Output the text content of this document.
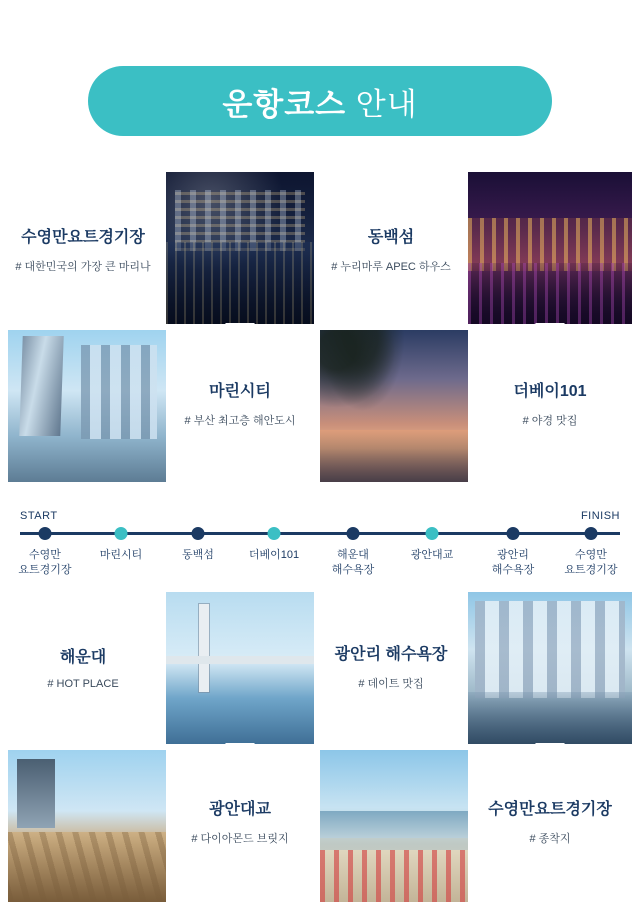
운항코스 안내
수영만요트경기장
# 대한민국의 가장 큰 마리나
동백섬
# 누리마루 APEC 하우스
마린시티
# 부산 최고층 해안도시
더베이101
# 야경 맛집
START	FINISH
수영만
요트경기장
마린시티	동백섬	더베이101	해운대
해수욕장
광안대교	광안리
해수욕장
수영만
요트경기장
해운대
# HOT PLACE
광안리 해수욕장
# 데이트 맛집
광안대교
# 다이아몬드 브릿지
수영만요트경기장
# 종착지
